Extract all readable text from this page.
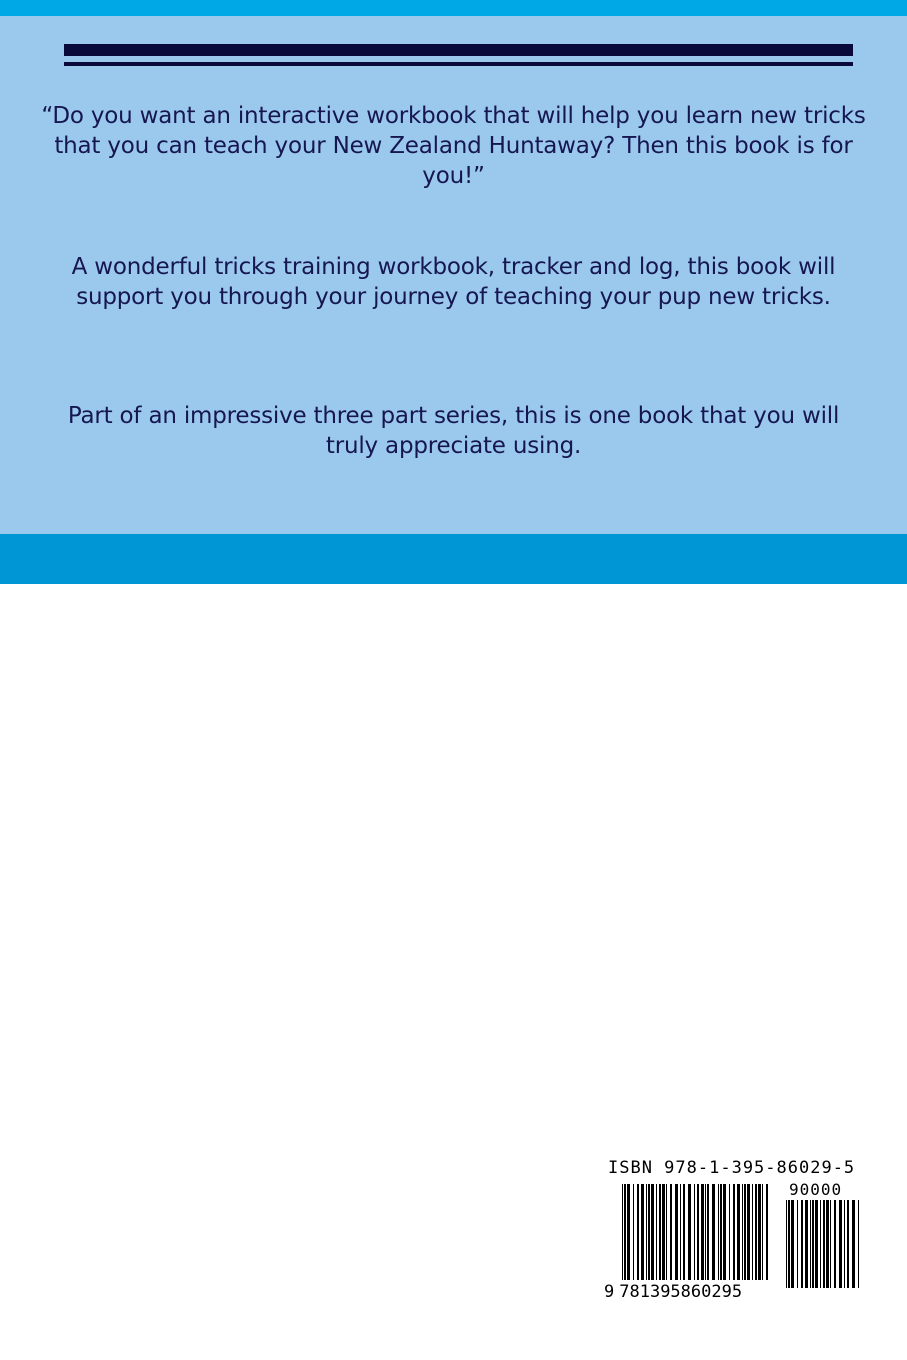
“Do you want an interactive workbook that will help you learn new tricks that you can teach your New Zealand Huntaway? Then this book is for you!”

A wonderful tricks training workbook, tracker and log, this book will support you through your journey of teaching your pup new tricks.

Part of an impressive three part series, this is one book that you will truly appreciate using.

ISBN 978-1-395-86029-5
90000
9 781395860295
